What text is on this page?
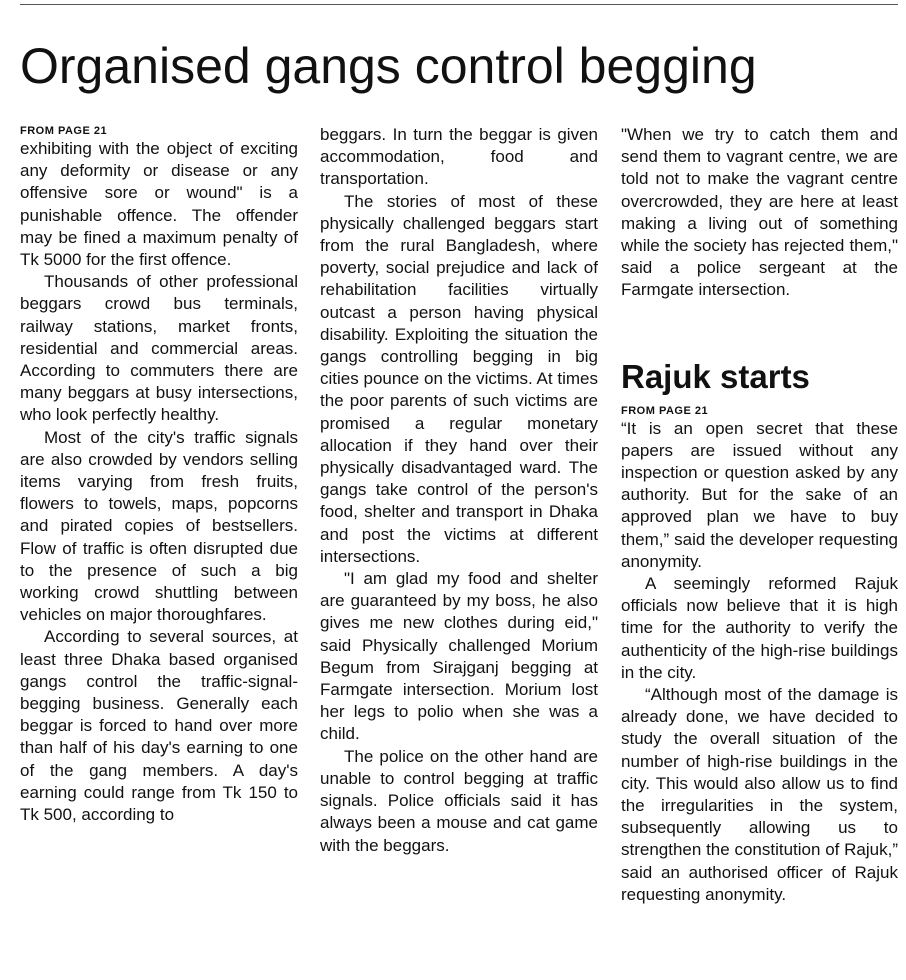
Organised gangs control begging

FROM PAGE 21

exhibiting with the object of exciting any deformity or disease or any offensive sore or wound" is a punishable offence. The offender may be fined a maximum penalty of Tk 5000 for the first offence.

Thousands of other professional beggars crowd bus terminals, railway stations, market fronts, residential and commercial areas. According to commuters there are many beggars at busy intersections, who look perfectly healthy.

Most of the city's traffic signals are also crowded by vendors selling items varying from fresh fruits, flowers to towels, maps, popcorns and pirated copies of bestsellers. Flow of traffic is often disrupted due to the presence of such a big working crowd shuttling between vehicles on major thoroughfares.

According to several sources, at least three Dhaka based organised gangs control the traffic-signal-begging business. Generally each beggar is forced to hand over more than half of his day's earning to one of the gang members. A day's earning could range from Tk 150 to Tk 500, according to

beggars. In turn the beggar is given accommodation, food and transportation.

The stories of most of these physically challenged beggars start from the rural Bangladesh, where poverty, social prejudice and lack of rehabilitation facilities virtually outcast a person having physical disability. Exploiting the situation the gangs controlling begging in big cities pounce on the victims. At times the poor parents of such victims are promised a regular monetary allocation if they hand over their physically disadvantaged ward. The gangs take control of the person's food, shelter and transport in Dhaka and post the victims at different intersections.

"I am glad my food and shelter are guaranteed by my boss, he also gives me new clothes during eid," said Physically challenged Morium Begum from Sirajganj begging at Farmgate intersection. Morium lost her legs to polio when she was a child.

The police on the other hand are unable to control begging at traffic signals. Police officials said it has always been a mouse and cat game with the beggars.

"When we try to catch them and send them to vagrant centre, we are told not to make the vagrant centre overcrowded, they are here at least making a living out of something while the society has rejected them," said a police sergeant at the Farmgate intersection.

Rajuk starts

FROM PAGE 21

“It is an open secret that these papers are issued without any inspection or question asked by any authority. But for the sake of an approved plan we have to buy them,” said the developer requesting anonymity.

A seemingly reformed Rajuk officials now believe that it is high time for the authority to verify the authenticity of the high-rise buildings in the city.

“Although most of the damage is already done, we have decided to study the overall situation of the number of high-rise buildings in the city. This would also allow us to find the irregularities in the system, subsequently allowing us to strengthen the constitution of Rajuk,” said an authorised officer of Rajuk requesting anonymity.
